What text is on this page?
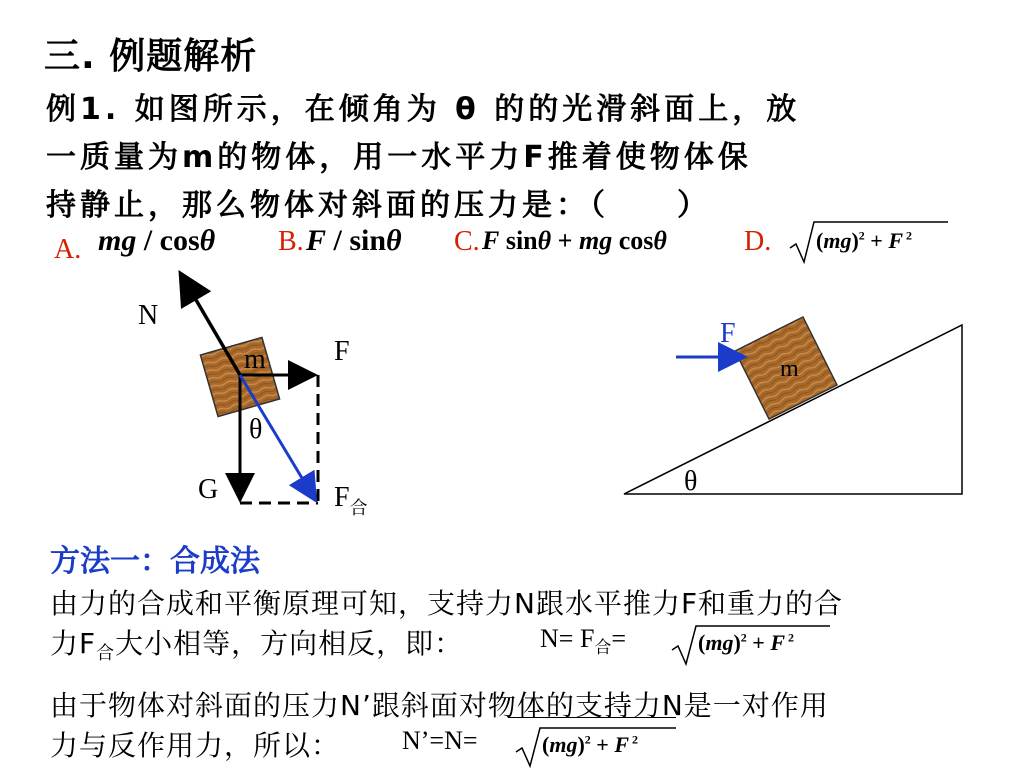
三. 例题解析
例1. 如图所示，在倾角为 θ 的的光滑斜面上，放
一质量为m的物体，用一水平力F推着使物体保
持静止，那么物体对斜面的压力是：（　　）
A. mg / cosθ B. F / sinθ C. F sinθ + mg cosθ	D. (mg)$^2$ + F $^2$
N
m F
θ
G	$F_合$
F
m
θ
方法一：合成法
由力的合成和平衡原理可知，支持力N跟水平推力F和重力的合
力$F_合$大小相等，方向相反，即：	$N= F_合=$	(mg)$^2$ + F $^2$
由于物体对斜面的压力N’跟斜面对物体的支持力N是一对作用
力与反作用力，所以： N’=N=	(mg)$^2$ + F $^2$
